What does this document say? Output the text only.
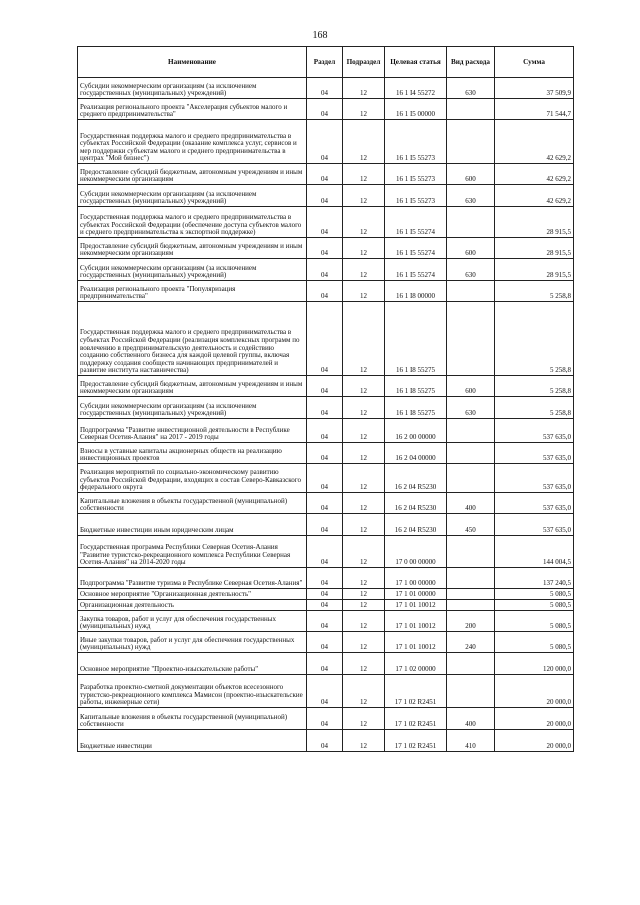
168
Наименование	Раздел	Подраздел	Целевая статья	Вид расхода	Сумма
Субсидии некоммерческим организациям (за исключением государственных (муниципальных) учреждений)	04	12	16 1 I4 55272	630	37 509,9
Реализация регионального проекта "Акселерация субъектов малого и среднего предпринимательства"	04	12	16 1 I5 00000		71 544,7
Государственная поддержка малого и среднего предпринимательства в субъектах Российской Федерации (оказание комплекса услуг, сервисов и мер поддержки субъектам малого и среднего предпринимательства в центрах "Мой бизнес")	04	12	16 1 I5 55273		42 629,2
Предоставление субсидий бюджетным, автономным учреждениям и иным некоммерческим организациям	04	12	16 1 I5 55273	600	42 629,2
Субсидии некоммерческим организациям (за исключением государственных (муниципальных) учреждений)	04	12	16 1 I5 55273	630	42 629,2
Государственная поддержка малого и среднего предпринимательства в субъектах Российской Федерации (обеспечение доступа субъектов малого и среднего предпринимательства к экспортной поддержке)	04	12	16 1 I5 55274		28 915,5
Предоставление субсидий бюджетным, автономным учреждениям и иным некоммерческим организациям	04	12	16 1 I5 55274	600	28 915,5
Субсидии некоммерческим организациям (за исключением государственных (муниципальных) учреждений)	04	12	16 1 I5 55274	630	28 915,5
Реализация регионального проекта "Популяризация предпринимательства"	04	12	16 1 I8 00000		5 258,8
Государственная поддержка малого и среднего предпринимательства в субъектах Российской Федерации (реализация комплексных программ по вовлечению в предпринимательскую деятельность и содействию созданию собственного бизнеса для каждой целевой группы, включая поддержку создания сообществ начинающих предпринимателей и развитие института наставничества)	04	12	16 1 I8 55275		5 258,8
Предоставление субсидий бюджетным, автономным учреждениям и иным некоммерческим организациям	04	12	16 1 I8 55275	600	5 258,8
Субсидии некоммерческим организациям (за исключением государственных (муниципальных) учреждений)	04	12	16 1 I8 55275	630	5 258,8
Подпрограмма "Развитие инвестиционной деятельности в Республике Северная Осетия-Алания" на 2017 - 2019 годы	04	12	16 2 00 00000		537 635,0
Взносы в уставные капиталы акционерных обществ на реализацию инвестиционных проектов	04	12	16 2 04 00000		537 635,0
Реализация мероприятий по социально-экономическому развитию субъектов Российской Федерации, входящих в состав Северо-Кавказского федерального округа	04	12	16 2 04 R5230		537 635,0
Капитальные вложения в объекты государственной (муниципальной) собственности	04	12	16 2 04 R5230	400	537 635,0
Бюджетные инвестиции иным юридическим лицам	04	12	16 2 04 R5230	450	537 635,0
Государственная программа Республики Северная Осетия-Алания "Развитие туристско-рекреационного комплекса Республики Северная Осетия-Алания" на 2014-2020 годы	04	12	17 0 00 00000		144 004,5
Подпрограмма "Развитие туризма в Республике Северная Осетия-Алания"	04	12	17 1 00 00000		137 240,5
Основное мероприятие "Организационная деятельность"	04	12	17 1 01 00000		5 080,5
Организационная деятельность	04	12	17 1 01 10012		5 080,5
Закупка товаров, работ и услуг для обеспечения государственных (муниципальных) нужд	04	12	17 1 01 10012	200	5 080,5
Иные закупки товаров, работ и услуг для обеспечения государственных (муниципальных) нужд	04	12	17 1 01 10012	240	5 080,5
Основное мероприятие "Проектно-изыскательские работы"	04	12	17 1 02 00000		120 000,0
Разработка проектно-сметной документации объектов всесезонного туристско-рекреационного комплекса Мамисон (проектно-изыскательские работы, инженерные сети)	04	12	17 1 02 R2451		20 000,0
Капитальные вложения в объекты государственной (муниципальной) собственности	04	12	17 1 02 R2451	400	20 000,0
Бюджетные инвестиции	04	12	17 1 02 R2451	410	20 000,0
